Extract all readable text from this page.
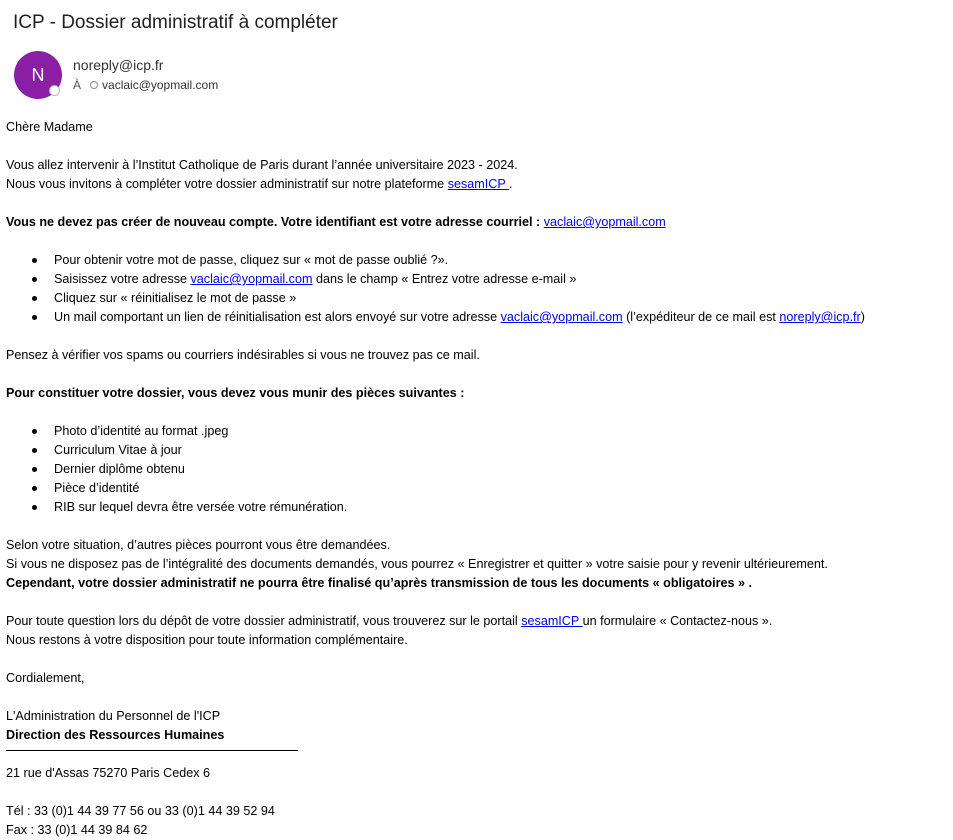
ICP - Dossier administratif à compléter
N noreply@icp.fr
À vaclaic@yopmail.com

Chère Madame

Vous allez intervenir à l’Institut Catholique de Paris durant l’année universitaire 2023 - 2024.

Nous vous invitons à compléter votre dossier administratif sur notre plateforme sesamICP .

Vous ne devez pas créer de nouveau compte. Votre identifiant est votre adresse courriel : vaclaic@yopmail.com

Pour obtenir votre mot de passe, cliquez sur « mot de passe oublié ?».
Saisissez votre adresse vaclaic@yopmail.com dans le champ « Entrez votre adresse e-mail »
Cliquez sur « réinitialisez le mot de passe »
Un mail comportant un lien de réinitialisation est alors envoyé sur votre adresse vaclaic@yopmail.com (l’expéditeur de ce mail est noreply@icp.fr)

Pensez à vérifier vos spams ou courriers indésirables si vous ne trouvez pas ce mail.

Pour constituer votre dossier, vous devez vous munir des pièces suivantes :

Photo d’identité au format .jpeg
Curriculum Vitae à jour
Dernier diplôme obtenu
Pièce d’identité
RIB sur lequel devra être versée votre rémunération.

Selon votre situation, d’autres pièces pourront vous être demandées.

Si vous ne disposez pas de l’intégralité des documents demandés, vous pourrez « Enregistrer et quitter » votre saisie pour y revenir ultérieurement.

Cependant, votre dossier administratif ne pourra être finalisé qu’après transmission de tous les documents « obligatoires » .

Pour toute question lors du dépôt de votre dossier administratif, vous trouverez sur le portail sesamICP un formulaire « Contactez-nous ».

Nous restons à votre disposition pour toute information complémentaire.

Cordialement,

L'Administration du Personnel de l'ICP

Direction des Ressources Humaines

21 rue d'Assas 75270 Paris Cedex 6

Tél : 33 (0)1 44 39 77 56 ou 33 (0)1 44 39 52 94

Fax : 33 (0)1 44 39 84 62
